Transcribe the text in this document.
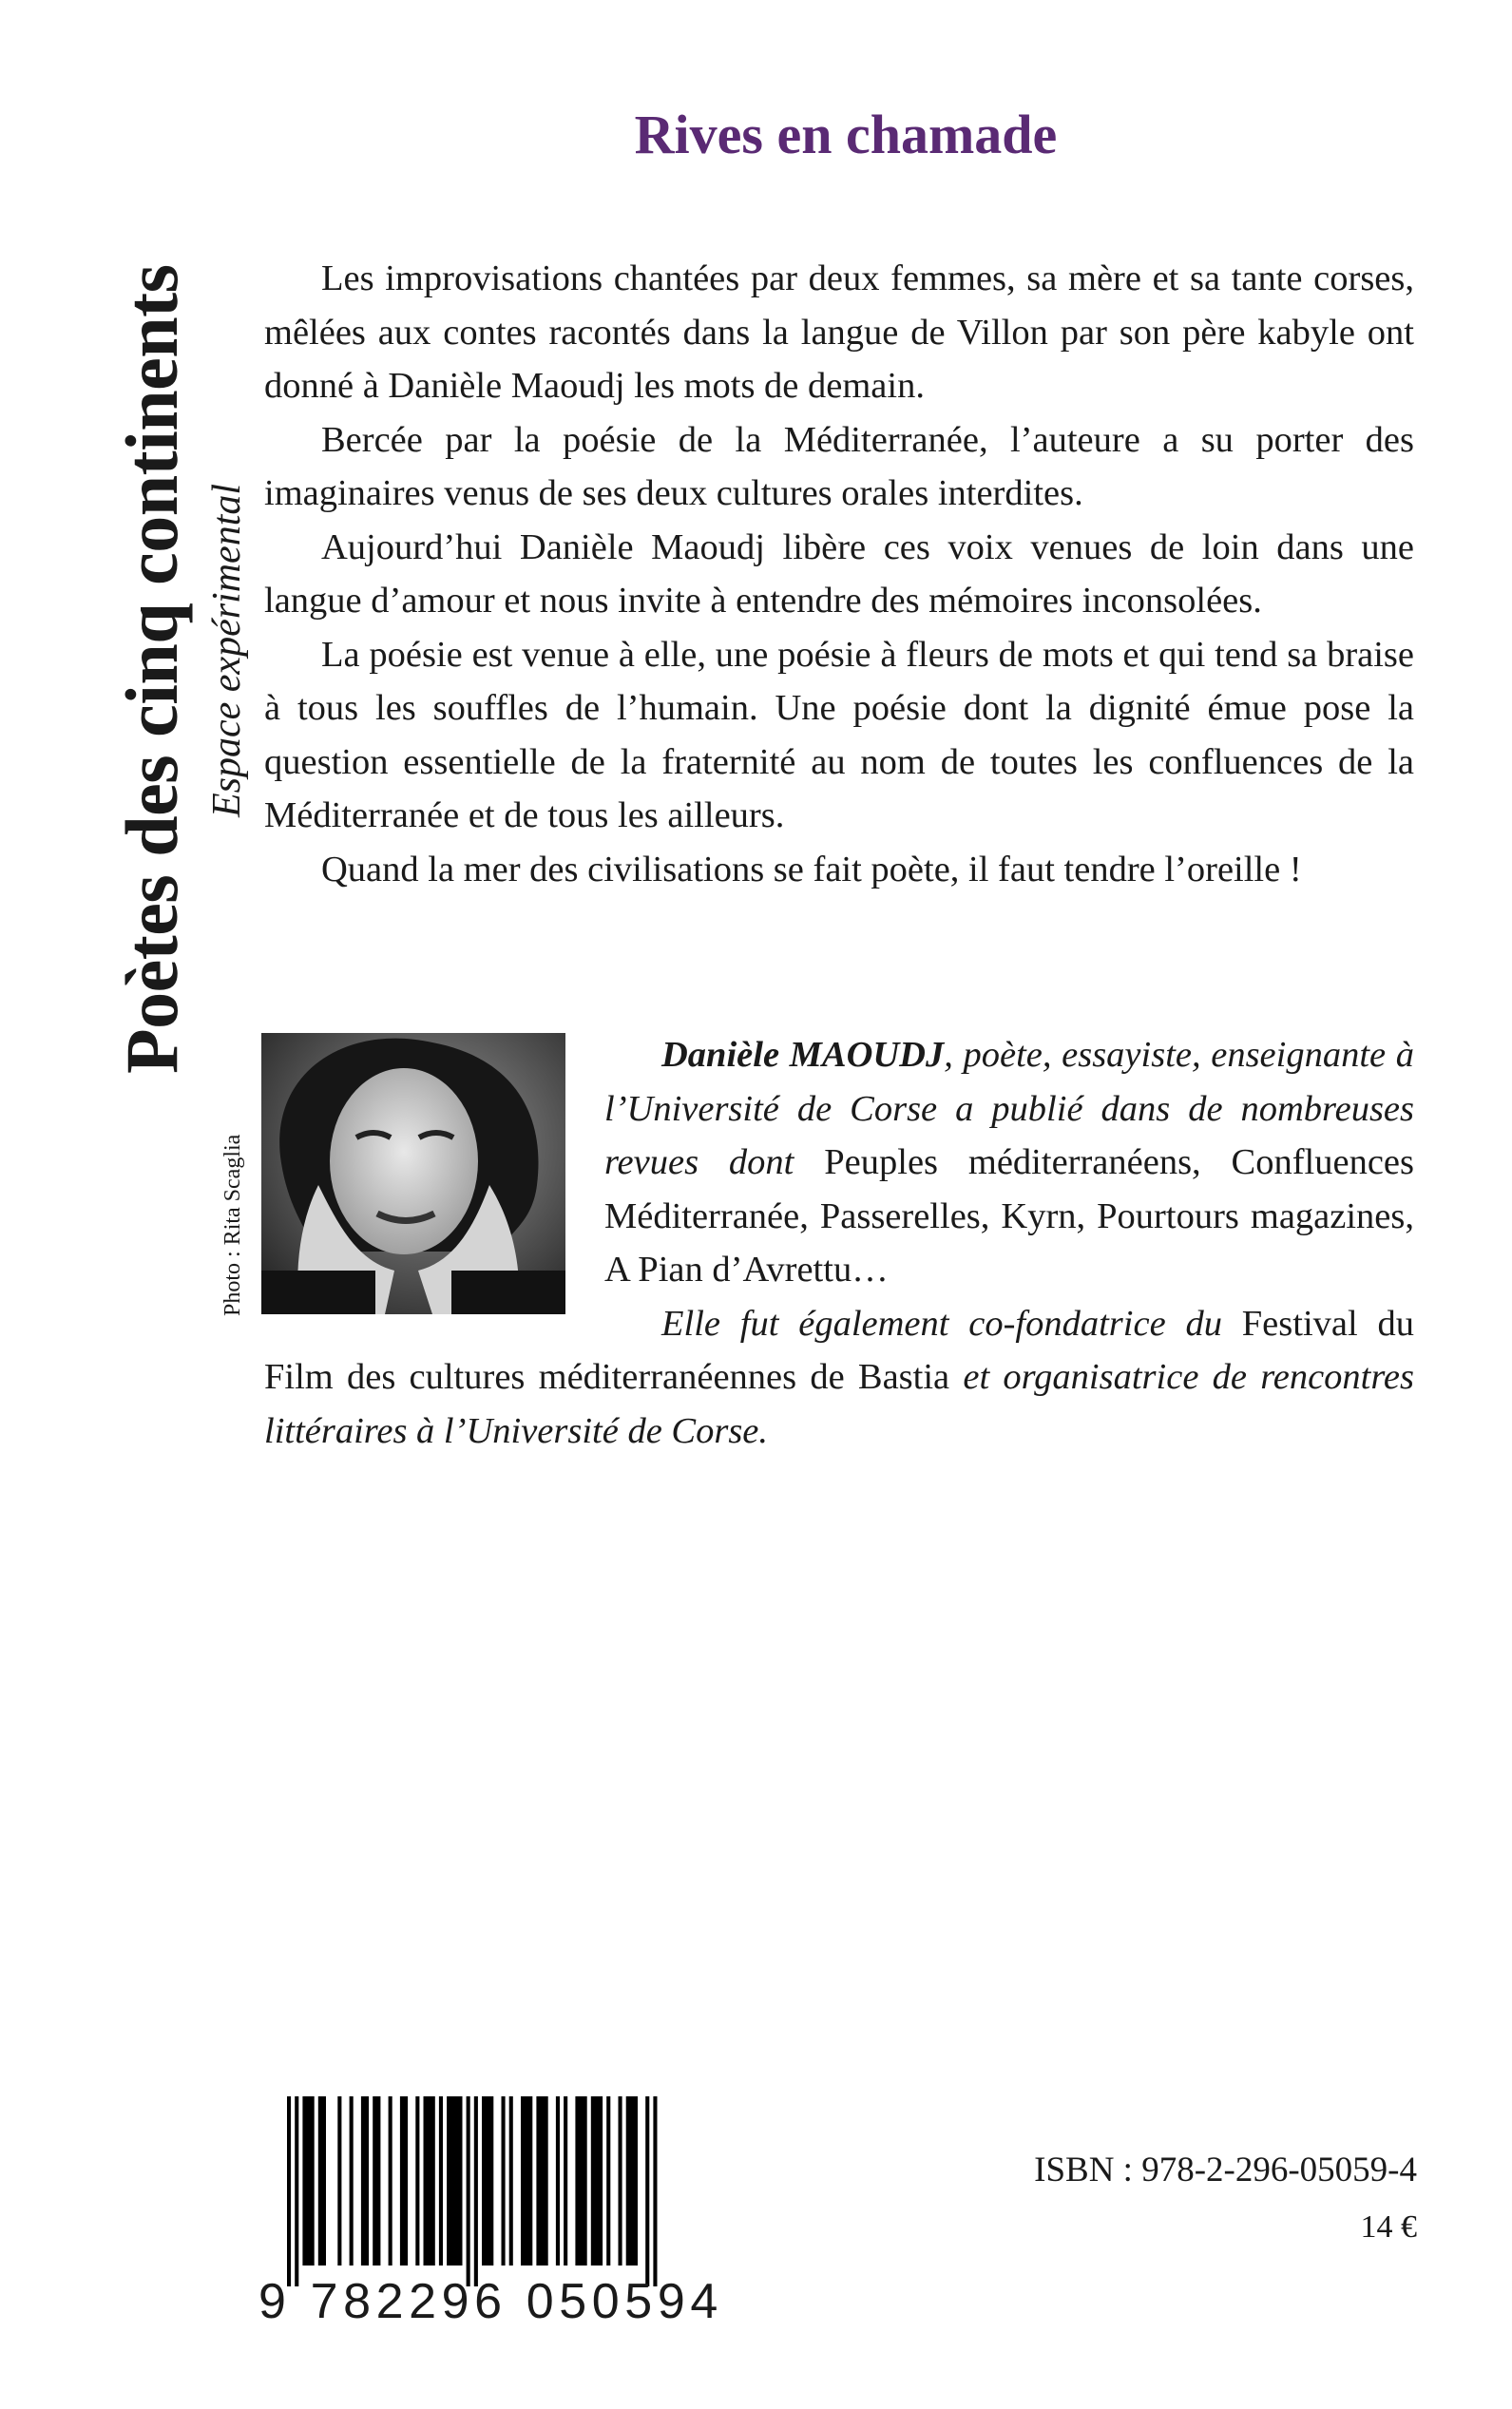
Poètes des cinq continents Espace expérimental
Rives en chamade

Les improvisations chantées par deux femmes, sa mère et sa tante corses, mêlées aux contes racontés dans la langue de Villon par son père kabyle ont donné à Danièle Maoudj les mots de demain.

Bercée par la poésie de la Méditerranée, l’auteure a su porter des imaginaires venus de ses deux cultures orales interdites.

Aujourd’hui Danièle Maoudj libère ces voix venues de loin dans une langue d’amour et nous invite à entendre des mémoires inconsolées.

La poésie est venue à elle, une poésie à fleurs de mots et qui tend sa braise à tous les souffles de l’humain. Une poésie dont la dignité émue pose la question essentielle de la fraternité au nom de toutes les confluences de la Méditerranée et de tous les ailleurs.

Quand la mer des civilisations se fait poète, il faut tendre l’oreille !

Danièle MAOUDJ, poète, essayiste, enseignante à l’Université de Corse a publié dans de nombreuses revues dont Peuples méditerranéens, Confluences Méditerranée, Passerelles, Kyrn, Pourtours magazines, A Pian d’Avrettu…

Elle fut également co-fondatrice du Festival du Film des cultures méditerranéennes de Bastia et organisatrice de rencontres littéraires à l’Université de Corse.

Photo : Rita Scaglia
9 782296 050594
ISBN : 978-2-296-05059-4
14 €
